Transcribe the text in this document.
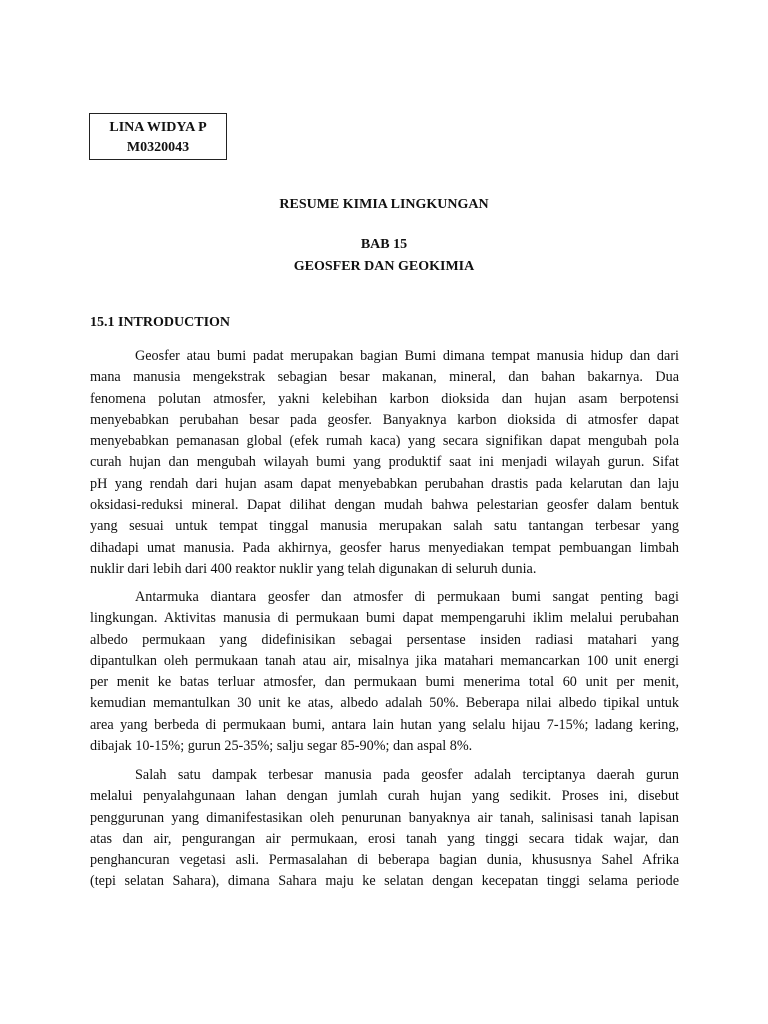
LINA WIDYA P
M0320043
RESUME KIMIA LINGKUNGAN
BAB 15
GEOSFER DAN GEOKIMIA
15.1 INTRODUCTION
Geosfer atau bumi padat merupakan bagian Bumi dimana tempat manusia hidup dan dari
mana manusia mengekstrak sebagian besar makanan, mineral, dan bahan bakarnya. Dua
fenomena polutan atmosfer, yakni kelebihan karbon dioksida dan hujan asam berpotensi
menyebabkan perubahan besar pada geosfer. Banyaknya karbon dioksida di atmosfer dapat
menyebabkan pemanasan global (efek rumah kaca) yang secara signifikan dapat mengubah pola
curah hujan dan mengubah wilayah bumi yang produktif saat ini menjadi wilayah gurun. Sifat
pH yang rendah dari hujan asam dapat menyebabkan perubahan drastis pada kelarutan dan laju
oksidasi-reduksi mineral. Dapat dilihat dengan mudah bahwa pelestarian geosfer dalam bentuk
yang sesuai untuk tempat tinggal manusia merupakan salah satu tantangan terbesar yang
dihadapi umat manusia. Pada akhirnya, geosfer harus menyediakan tempat pembuangan limbah
nuklir dari lebih dari 400 reaktor nuklir yang telah digunakan di seluruh dunia.
Antarmuka diantara geosfer dan atmosfer di permukaan bumi sangat penting bagi
lingkungan. Aktivitas manusia di permukaan bumi dapat mempengaruhi iklim melalui perubahan
albedo permukaan yang didefinisikan sebagai persentase insiden radiasi matahari yang
dipantulkan oleh permukaan tanah atau air, misalnya jika matahari memancarkan 100 unit energi
per menit ke batas terluar atmosfer, dan permukaan bumi menerima total 60 unit per menit,
kemudian memantulkan 30 unit ke atas, albedo adalah 50%. Beberapa nilai albedo tipikal untuk
area yang berbeda di permukaan bumi, antara lain hutan yang selalu hijau 7-15%; ladang kering,
dibajak 10-15%; gurun 25-35%; salju segar 85-90%; dan aspal 8%.
Salah satu dampak terbesar manusia pada geosfer adalah terciptanya daerah gurun
melalui penyalahgunaan lahan dengan jumlah curah hujan yang sedikit. Proses ini, disebut
penggurunan yang dimanifestasikan oleh penurunan banyaknya air tanah, salinisasi tanah lapisan
atas dan air, pengurangan air permukaan, erosi tanah yang tinggi secara tidak wajar, dan
penghancuran vegetasi asli. Permasalahan di beberapa bagian dunia, khususnya Sahel Afrika
(tepi selatan Sahara), dimana Sahara maju ke selatan dengan kecepatan tinggi selama periode
